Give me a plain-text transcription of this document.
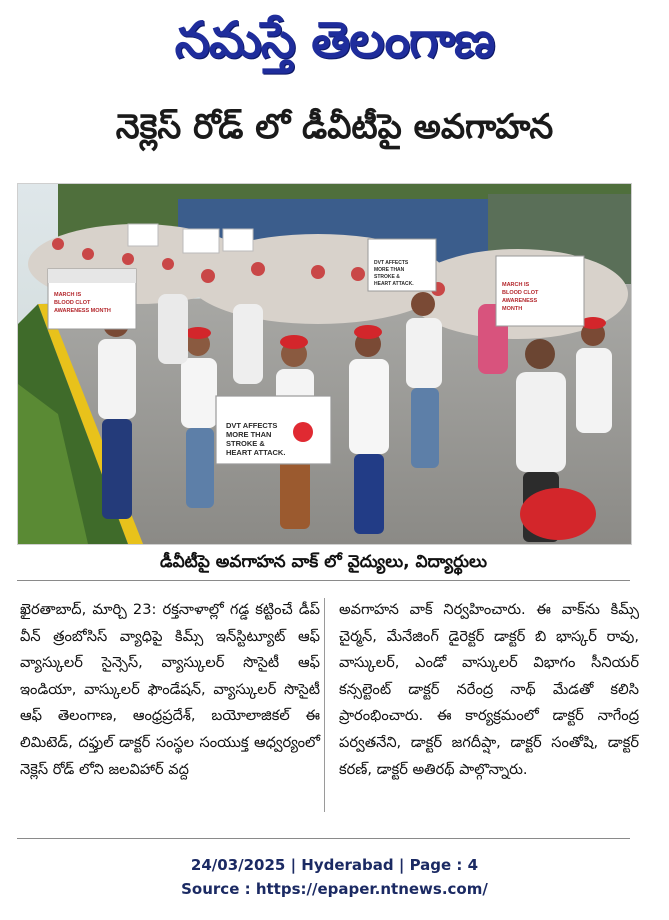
నమస్తే తెలంగాణ
నెక్లెస్ రోడ్ లో డీవీటీపై అవగాహన
DVT AFFECTS
MORE THAN
STROKE &
HEART ATTACK.
MARCH IS
BLOOD CLOT
AWARENESS MONTH
DVT AFFECTS
MORE THAN
STROKE &
HEART ATTACK.	MARCH IS
BLOOD CLOT
AWARENESS
MONTH
డీవీటీపై అవగాహన వాక్ లో వైద్యులు, విద్యార్థులు
ఖైరతాబాద్, మార్చి 23: రక్తనాళాల్లో గడ్డ కట్టించే డీప్ వీన్ త్రంబోసిస్ వ్యాధిపై కిమ్స్ ఇన్‌స్టిట్యూట్ ఆఫ్ వ్యాస్కులర్ సైన్సెస్, వ్యాస్కులర్ సొసైటీ ఆఫ్ ఇండియా, వాస్కులర్ ఫౌండేషన్, వ్యాస్కులర్ సొసైటీ ఆఫ్ తెలంగాణ, ఆంధ్రప్రదేశ్, బయోలాజికల్ ఈ లిమిటెడ్, దఫ్తుల్ డాక్టర్ సంస్థల సంయుక్త ఆధ్వర్యంలో నెక్లెస్ రోడ్ లోని జలవిహార్ వద్ద
అవగాహన వాక్ నిర్వహించారు. ఈ వాక్‌ను కిమ్స్ చైర్మన్, మేనేజింగ్ డైరెక్టర్ డాక్టర్ బి భాస్కర్ రావు, వాస్కులర్, ఎండో వాస్కులర్ విభాగం సీనియర్ కన్సల్టెంట్ డాక్టర్ నరేంద్ర నాథ్ మేడతో కలిసి ప్రారంభించారు. ఈ కార్యక్రమంలో డాక్టర్ నాగేంద్ర పర్వతనేని, డాక్టర్ జగదీప్షా, డాక్టర్ సంతోషి, డాక్టర్ కరణ్, డాక్టర్ అతిరథ్ పాల్గొన్నారు.
24/03/2025 | Hyderabad | Page : 4
Source : https://epaper.ntnews.com/
